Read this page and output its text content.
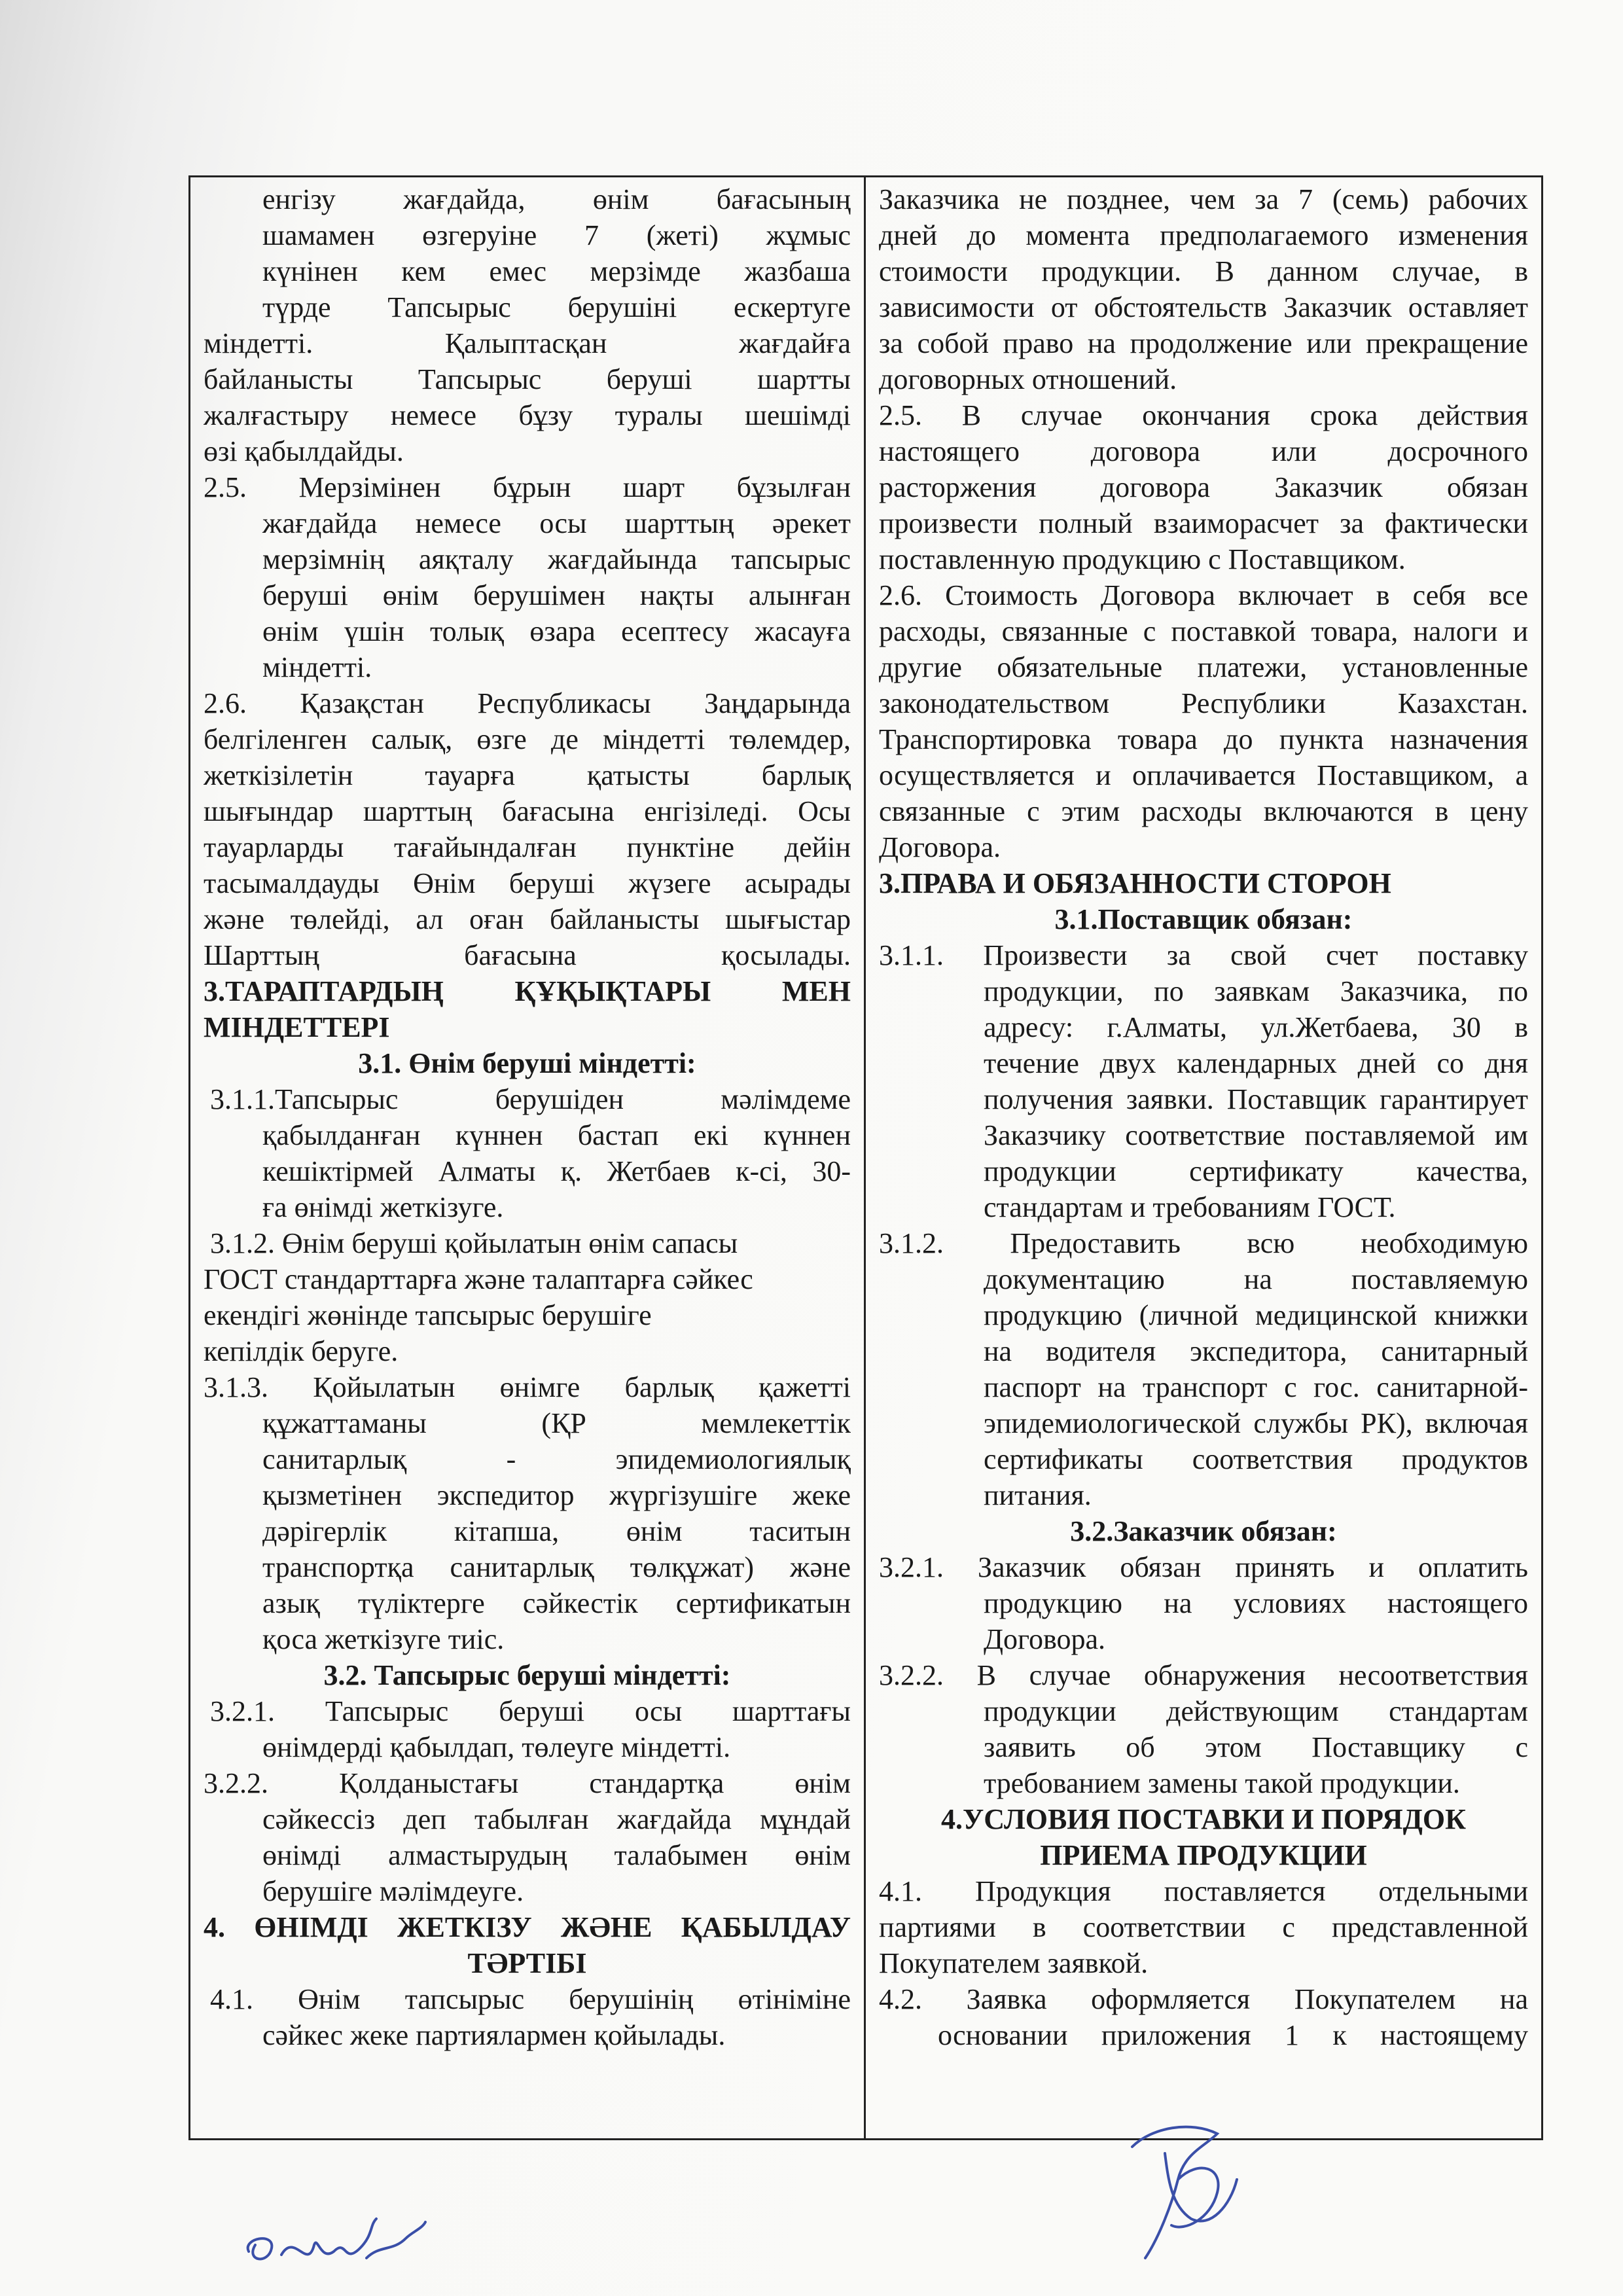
енгізу жағдайда, өнім бағасының
шамамен өзгеруіне 7 (жеті) жұмыс
күнінен кем емес мерзімде жазбаша
түрде Тапсырыс берушіні ескертуге
міндетті. Қалыптасқан жағдайға
байланысты Тапсырыс беруші шартты
жалғастыру немесе бұзу туралы шешімді
өзі қабылдайды.
2.5. Мерзімінен бұрын шарт бұзылған
жағдайда немесе осы шарттың әрекет
мерзімнің аяқталу жағдайында тапсырыс
беруші өнім берушімен нақты алынған
өнім үшін толық өзара есептесу жасауға
міндетті.
2.6. Қазақстан Республикасы Заңдарында
белгіленген салық, өзге де міндетті төлемдер,
жеткізілетін тауарға қатысты барлық
шығындар шарттың бағасына енгізіледі. Осы
тауарларды тағайындалған пунктіне дейін
тасымалдауды Өнім беруші жүзеге асырады
және төлейді, ал оған байланысты шығыстар
Шарттың бағасына қосылады.
3.ТАРАПТАРДЫҢ ҚҰҚЫҚТАРЫ МЕН
МІНДЕТТЕРІ
3.1. Өнім беруші міндетті:
3.1.1.Тапсырыс берушіден мәлімдеме
қабылданған күннен бастап екі күннен
кешіктірмей Алматы қ. Жетбаев к-сі, 30-
ға өнімді жеткізуге.
3.1.2. Өнім беруші қойылатын өнім сапасы
ГОСТ стандарттарға және талаптарға сәйкес
екендігі жөнінде тапсырыс берушіге
кепілдік беруге.
3.1.3. Қойылатын өнімге барлық қажетті
құжаттаманы (ҚР мемлекеттік
санитарлық - эпидемиологиялық
қызметінен экспедитор жүргізушіге жеке
дәрігерлік кітапша, өнім таситын
транспортқа санитарлық төлқұжат) және
азық түліктерге сәйкестік сертификатын
қоса жеткізуге тиіс.
3.2. Тапсырыс беруші міндетті:
3.2.1. Тапсырыс беруші осы шарттағы
өнімдерді қабылдап, төлеуге міндетті.
3.2.2. Қолданыстағы стандартқа өнім
сәйкессіз деп табылған жағдайда мұндай
өнімді алмастырудың талабымен өнім
берушіге мәлімдеуге.
4. ӨНІМДІ ЖЕТКІЗУ ЖӘНЕ ҚАБЫЛДАУ
ТӘРТІБІ
4.1. Өнім тапсырыс берушінің өтініміне
сәйкес жеке партиялармен қойылады.
Заказчика не позднее, чем за 7 (семь) рабочих
дней до момента предполагаемого изменения
стоимости продукции. В данном случае, в
зависимости от обстоятельств Заказчик оставляет
за собой право на продолжение или прекращение
договорных отношений.
2.5. В случае окончания срока действия
настоящего договора или досрочного
расторжения договора Заказчик обязан
произвести полный взаиморасчет за фактически
поставленную продукцию с Поставщиком.
2.6. Стоимость Договора включает в себя все
расходы, связанные с поставкой товара, налоги и
другие обязательные платежи, установленные
законодательством Республики Казахстан.
Транспортировка товара до пункта назначения
осуществляется и оплачивается Поставщиком, а
связанные с этим расходы включаются в цену
Договора.
3.ПРАВА И ОБЯЗАННОСТИ СТОРОН
3.1.Поставщик обязан:
3.1.1. Произвести за свой счет поставку
продукции, по заявкам Заказчика, по
адресу: г.Алматы, ул.Жетбаева, 30 в
течение двух календарных дней со дня
получения заявки. Поставщик гарантирует
Заказчику соответствие поставляемой им
продукции сертификату качества,
стандартам и требованиям ГОСТ.
3.1.2. Предоставить всю необходимую
документацию на поставляемую
продукцию (личной медицинской книжки
на водителя экспедитора, санитарный
паспорт на транспорт с гос. санитарной-
эпидемиологической службы РК), включая
сертификаты соответствия продуктов
питания.
3.2.Заказчик обязан:
3.2.1. Заказчик обязан принять и оплатить
продукцию на условиях настоящего
Договора.
3.2.2. В случае обнаружения несоответствия
продукции действующим стандартам
заявить об этом Поставщику с
требованием замены такой продукции.
4.УСЛОВИЯ ПОСТАВКИ И ПОРЯДОК
ПРИЕМА ПРОДУКЦИИ
4.1. Продукция поставляется отдельными
партиями в соответствии с представленной
Покупателем заявкой.
4.2. Заявка оформляется Покупателем на
основании приложения 1 к настоящему
